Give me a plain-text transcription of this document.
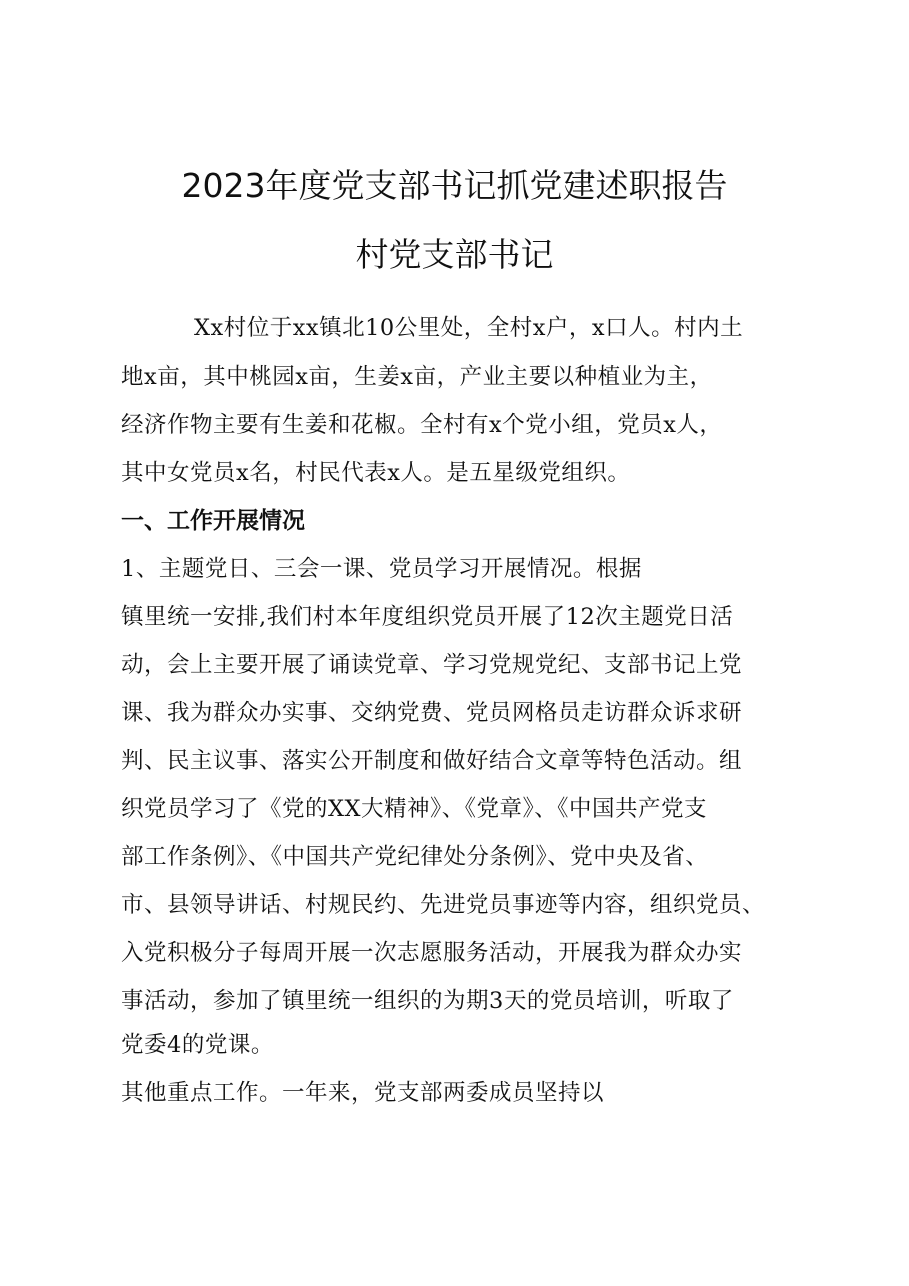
2023年度党支部书记抓党建述职报告
村党支部书记
Xx村位于xx镇北10公里处，全村x户，x口人。村内土
地x亩，其中桃园x亩，生姜x亩，产业主要以种植业为主，
经济作物主要有生姜和花椒。全村有x个党小组，党员x人，
其中女党员x名，村民代表x人。是五星级党组织。
一、工作开展情况
1、主题党日、三会一课、党员学习开展情况。根据
镇里统一安排,我们村本年度组织党员开展了12次主题党日活
动，会上主要开展了诵读党章、学习党规党纪、支部书记上党
课、我为群众办实事、交纳党费、党员网格员走访群众诉求研
判、民主议事、落实公开制度和做好结合文章等特色活动。组
织党员学习了《党的XX大精神》、《党章》、《中国共产党支
部工作条例》、《中国共产党纪律处分条例》、党中央及省、
市、县领导讲话、村规民约、先进党员事迹等内容，组织党员、
入党积极分子每周开展一次志愿服务活动，开展我为群众办实
事活动，参加了镇里统一组织的为期3天的党员培训，听取了
党委4的党课。
其他重点工作。一年来，党支部两委成员坚持以
